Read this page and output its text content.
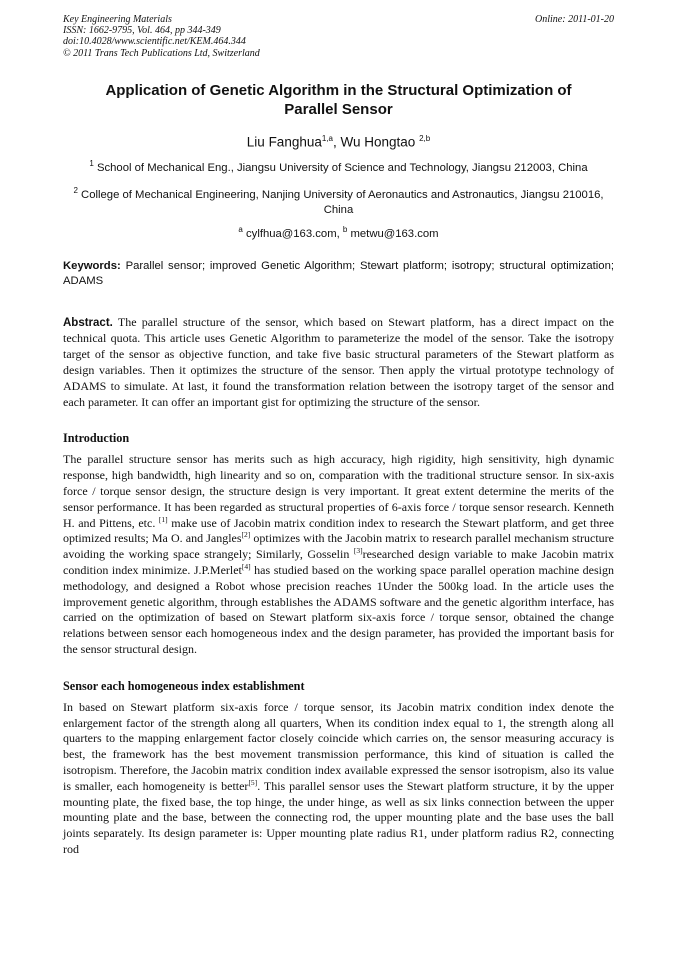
Key Engineering Materials	Online: 2011-01-20
ISSN: 1662-9795, Vol. 464, pp 344-349
doi:10.4028/www.scientific.net/KEM.464.344
© 2011 Trans Tech Publications Ltd, Switzerland
Application of Genetic Algorithm in the Structural Optimization of Parallel Sensor
Liu Fanghua$^{1,a}$, Wu Hongtao $^{2,b}$
$^1$ School of Mechanical Eng., Jiangsu University of Science and Technology, Jiangsu 212003, China
$^2$ College of Mechanical Engineering, Nanjing University of Aeronautics and Astronautics, Jiangsu 210016, China
$^a$ cylfhua@163.com, $^b$ metwu@163.com
Keywords: Parallel sensor; improved Genetic Algorithm; Stewart platform; isotropy; structural optimization; ADAMS
Abstract. The parallel structure of the sensor, which based on Stewart platform, has a direct impact on the technical quota. This article uses Genetic Algorithm to parameterize the model of the sensor. Take the isotropy target of the sensor as objective function, and take five basic structural parameters of the Stewart platform as design variables. Then it optimizes the structure of the sensor. Then apply the virtual prototype technology of ADAMS to simulate. At last, it found the transformation relation between the isotropy target of the sensor and each parameter. It can offer an important gist for optimizing the structure of the sensor.
Introduction

The parallel structure sensor has merits such as high accuracy, high rigidity, high sensitivity, high dynamic response, high bandwidth, high linearity and so on, comparation with the traditional structure sensor. In six-axis force / torque sensor design, the structure design is very important. It great extent determine the merits of the sensor performance. It has been regarded as structural properties of 6-axis force / torque sensor research. Kenneth H. and Pittens, etc. [1] make use of Jacobin matrix condition index to research the Stewart platform, and get three optimized results; Ma O. and Jangles[2] optimizes with the Jacobin matrix to research parallel mechanism structure avoiding the working space strangely; Similarly, Gosselin [3]researched design variable to make Jacobin matrix condition index minimize. J.P.Merlet[4] has studied based on the working space parallel operation machine design methodology, and designed a Robot whose precision reaches 1Under the 500kg load. In the article uses the improvement genetic algorithm, through establishes the ADAMS software and the genetic algorithm interface, has carried on the optimization of based on Stewart platform six-axis force / torque sensor, obtained the change relations between sensor each homogeneous index and the design parameter, has provided the important basis for the sensor structural design.

Sensor each homogeneous index establishment

In based on Stewart platform six-axis force / torque sensor, its Jacobin matrix condition index denote the enlargement factor of the strength along all quarters, When its condition index equal to 1, the strength along all quarters to the mapping enlargement factor closely coincide which carries on, the sensor measuring accuracy is best, the framework has the best movement transmission performance, this kind of situation is called the isotropism. Therefore, the Jacobin matrix condition index available expressed the sensor isotropism, also its value is smaller, each homogeneity is better[5]. This parallel sensor uses the Stewart platform structure, it by the upper mounting plate, the fixed base, the top hinge, the under hinge, as well as six links connection between the upper mounting plate and the base, between the connecting rod, the upper mounting plate and the base uses the ball joints separately. Its design parameter is: Upper mounting plate radius R1, under platform radius R2, connecting rod
